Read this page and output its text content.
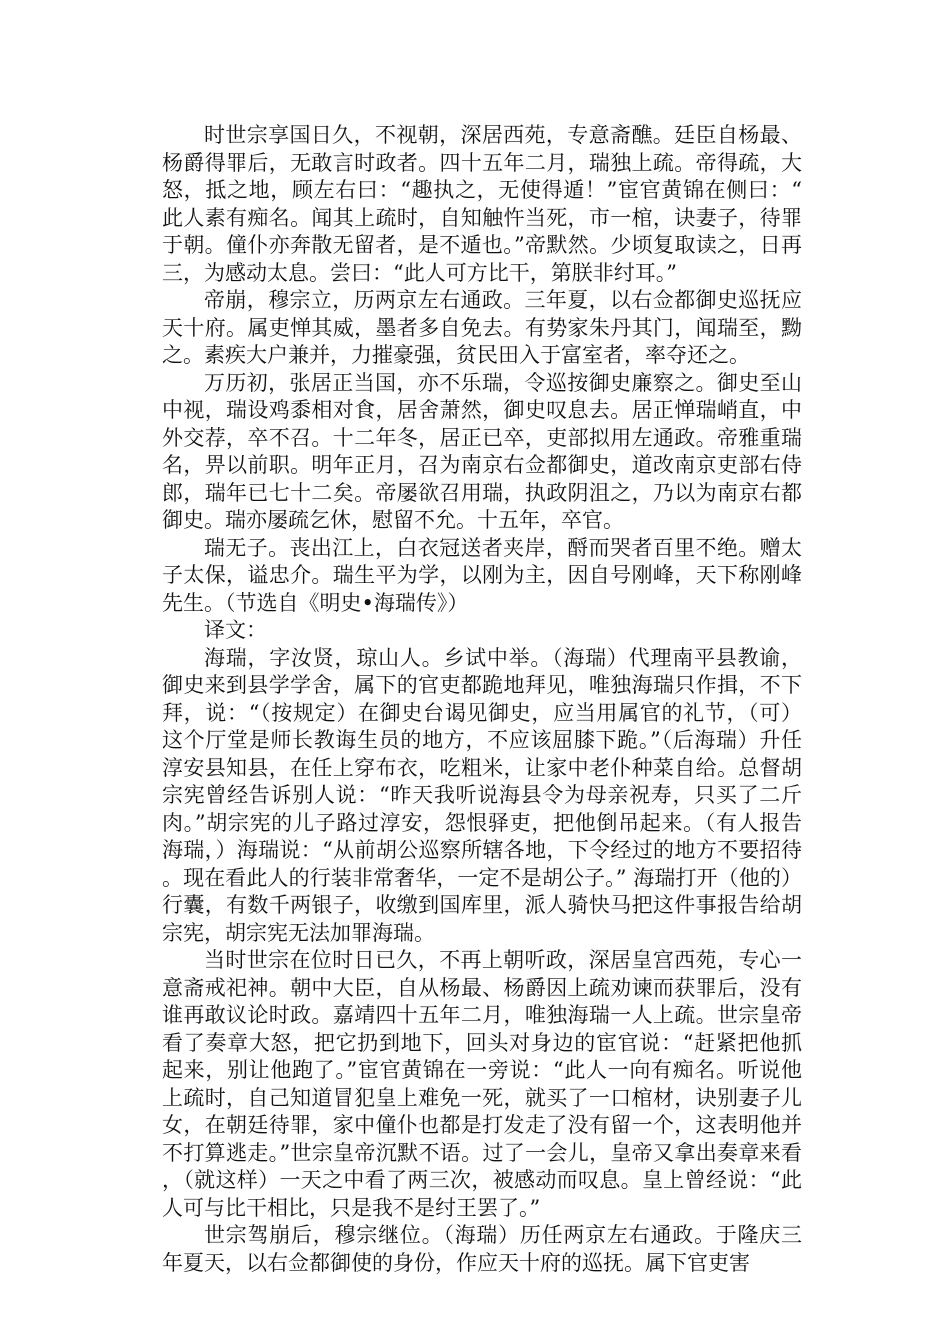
时世宗享国日久，不视朝，深居西苑，专意斋醮。廷臣自杨最、杨爵得罪后，无敢言时政者。四十五年二月，瑞独上疏。帝得疏，大怒，抵之地，顾左右曰：“趣执之，无使得遁！”宦官黄锦在侧曰：“此人素有痴名。闻其上疏时，自知触忤当死，市一棺，诀妻子，待罪于朝。僮仆亦奔散无留者，是不遁也。”帝默然。少顷复取读之，日再三，为感动太息。尝曰：“此人可方比干，第朕非纣耳。”

帝崩，穆宗立，历两京左右通政。三年夏，以右佥都御史巡抚应天十府。属吏惮其威，墨者多自免去。有势家朱丹其门，闻瑞至，黝之。素疾大户兼并，力摧豪强，贫民田入于富室者，率夺还之。

万历初，张居正当国，亦不乐瑞，令巡按御史廉察之。御史至山中视，瑞设鸡黍相对食，居舍萧然，御史叹息去。居正惮瑞峭直，中外交荐，卒不召。十二年冬，居正已卒，吏部拟用左通政。帝雅重瑞名，畀以前职。明年正月，召为南京右佥都御史，道改南京吏部右侍郎，瑞年已七十二矣。帝屡欲召用瑞，执政阴沮之，乃以为南京右都御史。瑞亦屡疏乞休，慰留不允。十五年，卒官。

瑞无子。丧出江上，白衣冠送者夹岸，酹而哭者百里不绝。赠太子太保，谥忠介。瑞生平为学，以刚为主，因自号刚峰，天下称刚峰先生。（节选自《明史•海瑞传》）

译文：

海瑞，字汝贤，琼山人。乡试中举。（海瑞）代理南平县教谕，御史来到县学学舍，属下的官吏都跪地拜见，唯独海瑞只作揖，不下拜，说：“（按规定）在御史台谒见御史，应当用属官的礼节，（可）这个厅堂是师长教诲生员的地方，不应该屈膝下跪。”（后海瑞）升任淳安县知县，在任上穿布衣，吃粗米，让家中老仆种菜自给。总督胡宗宪曾经告诉别人说：“昨天我听说海县令为母亲祝寿，只买了二斤肉。”胡宗宪的儿子路过淳安，怨恨驿吏，把他倒吊起来。（有人报告海瑞，）海瑞说：“从前胡公巡察所辖各地，下令经过的地方不要招待。现在看此人的行装非常奢华，一定不是胡公子。” 海瑞打开（他的）行囊，有数千两银子，收缴到国库里，派人骑快马把这件事报告给胡宗宪，胡宗宪无法加罪海瑞。

当时世宗在位时日已久，不再上朝听政，深居皇宫西苑，专心一意斋戒祀神。朝中大臣，自从杨最、杨爵因上疏劝谏而获罪后，没有谁再敢议论时政。嘉靖四十五年二月，唯独海瑞一人上疏。世宗皇帝看了奏章大怒，把它扔到地下，回头对身边的宦官说：“赶紧把他抓起来，别让他跑了。”宦官黄锦在一旁说：“此人一向有痴名。听说他上疏时，自己知道冒犯皇上难免一死，就买了一口棺材，诀别妻子儿女，在朝廷待罪，家中僮仆也都是打发走了没有留一个，这表明他并不打算逃走。”世宗皇帝沉默不语。过了一会儿，皇帝又拿出奏章来看，（就这样）一天之中看了两三次，被感动而叹息。皇上曾经说：“此人可与比干相比，只是我不是纣王罢了。”

世宗驾崩后，穆宗继位。（海瑞）历任两京左右通政。于隆庆三年夏天，以右佥都御使的身份，作应天十府的巡抚。属下官吏害
